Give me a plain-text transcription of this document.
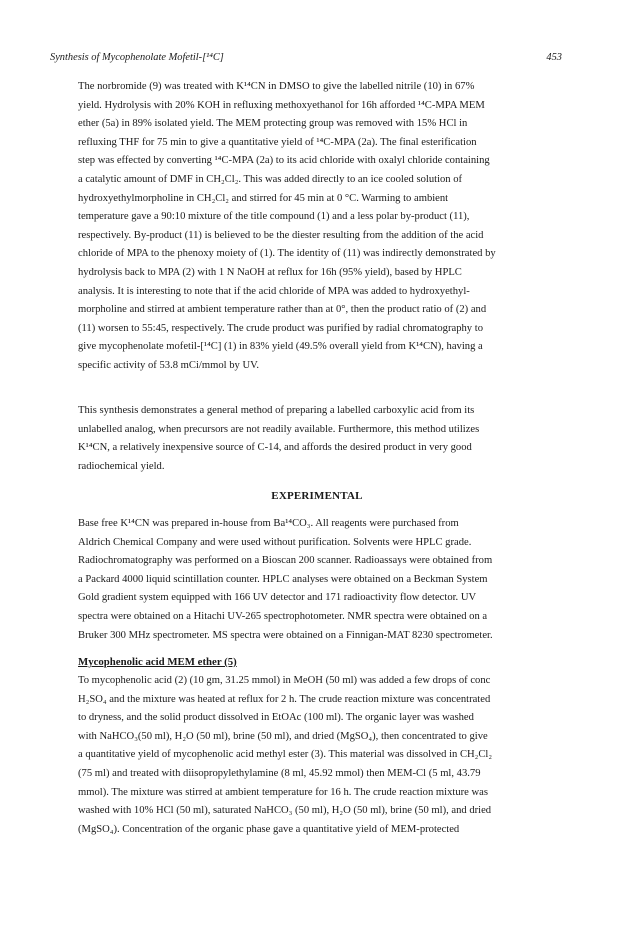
Synthesis of Mycophenolate Mofetil-[¹⁴C]	453

The norbromide (9) was treated with K¹⁴CN in DMSO to give the labelled nitrile (10) in 67%

yield. Hydrolysis with 20% KOH in refluxing methoxyethanol for 16h afforded ¹⁴C-MPA MEM

ether (5a) in 89% isolated yield. The MEM protecting group was removed with 15% HCl in

refluxing THF for 75 min to give a quantitative yield of ¹⁴C-MPA (2a). The final esterification

step was effected by converting ¹⁴C-MPA (2a) to its acid chloride with oxalyl chloride containing

a catalytic amount of DMF in CH₂Cl₂. This was added directly to an ice cooled solution of

hydroxyethylmorpholine in CH₂Cl₂ and stirred for 45 min at 0 °C. Warming to ambient

temperature gave a 90:10 mixture of the title compound (1) and a less polar by-product (11),

respectively. By-product (11) is believed to be the diester resulting from the addition of the acid

chloride of MPA to the phenoxy moiety of (1). The identity of (11) was indirectly demonstrated by

hydrolysis back to MPA (2) with 1 N NaOH at reflux for 16h (95% yield), based by HPLC

analysis. It is interesting to note that if the acid chloride of MPA was added to hydroxyethyl-

morpholine and stirred at ambient temperature rather than at 0°, then the product ratio of (2) and

(11) worsen to 55:45, respectively. The crude product was purified by radial chromatography to

give mycophenolate mofetil-[¹⁴C] (1) in 83% yield (49.5% overall yield from K¹⁴CN), having a

specific activity of 53.8 mCi/mmol by UV.

This synthesis demonstrates a general method of preparing a labelled carboxylic acid from its

unlabelled analog, when precursors are not readily available. Furthermore, this method utilizes

K¹⁴CN, a relatively inexpensive source of C-14, and affords the desired product in very good

radiochemical yield.

EXPERIMENTAL

Base free K¹⁴CN was prepared in-house from Ba¹⁴CO₃. All reagents were purchased from

Aldrich Chemical Company and were used without purification. Solvents were HPLC grade.

Radiochromatography was performed on a Bioscan 200 scanner. Radioassays were obtained from

a Packard 4000 liquid scintillation counter. HPLC analyses were obtained on a Beckman System

Gold gradient system equipped with 166 UV detector and 171 radioactivity flow detector. UV

spectra were obtained on a Hitachi UV-265 spectrophotometer. NMR spectra were obtained on a

Bruker 300 MHz spectrometer. MS spectra were obtained on a Finnigan-MAT 8230 spectrometer.

Mycophenolic acid MEM ether (5)

To mycophenolic acid (2) (10 gm, 31.25 mmol) in MeOH (50 ml) was added a few drops of conc

H₂SO₄ and the mixture was heated at reflux for 2 h. The crude reaction mixture was concentrated

to dryness, and the solid product dissolved in EtOAc (100 ml). The organic layer was washed

with NaHCO₃(50 ml), H₂O (50 ml), brine (50 ml), and dried (MgSO₄), then concentrated to give

a quantitative yield of mycophenolic acid methyl ester (3). This material was dissolved in CH₂Cl₂

(75 ml) and treated with diisopropylethylamine (8 ml, 45.92 mmol) then MEM-Cl (5 ml, 43.79

mmol). The mixture was stirred at ambient temperature for 16 h. The crude reaction mixture was

washed with 10% HCl (50 ml), saturated NaHCO₃ (50 ml), H₂O (50 ml), brine (50 ml), and dried

(MgSO₄). Concentration of the organic phase gave a quantitative yield of MEM-protected
